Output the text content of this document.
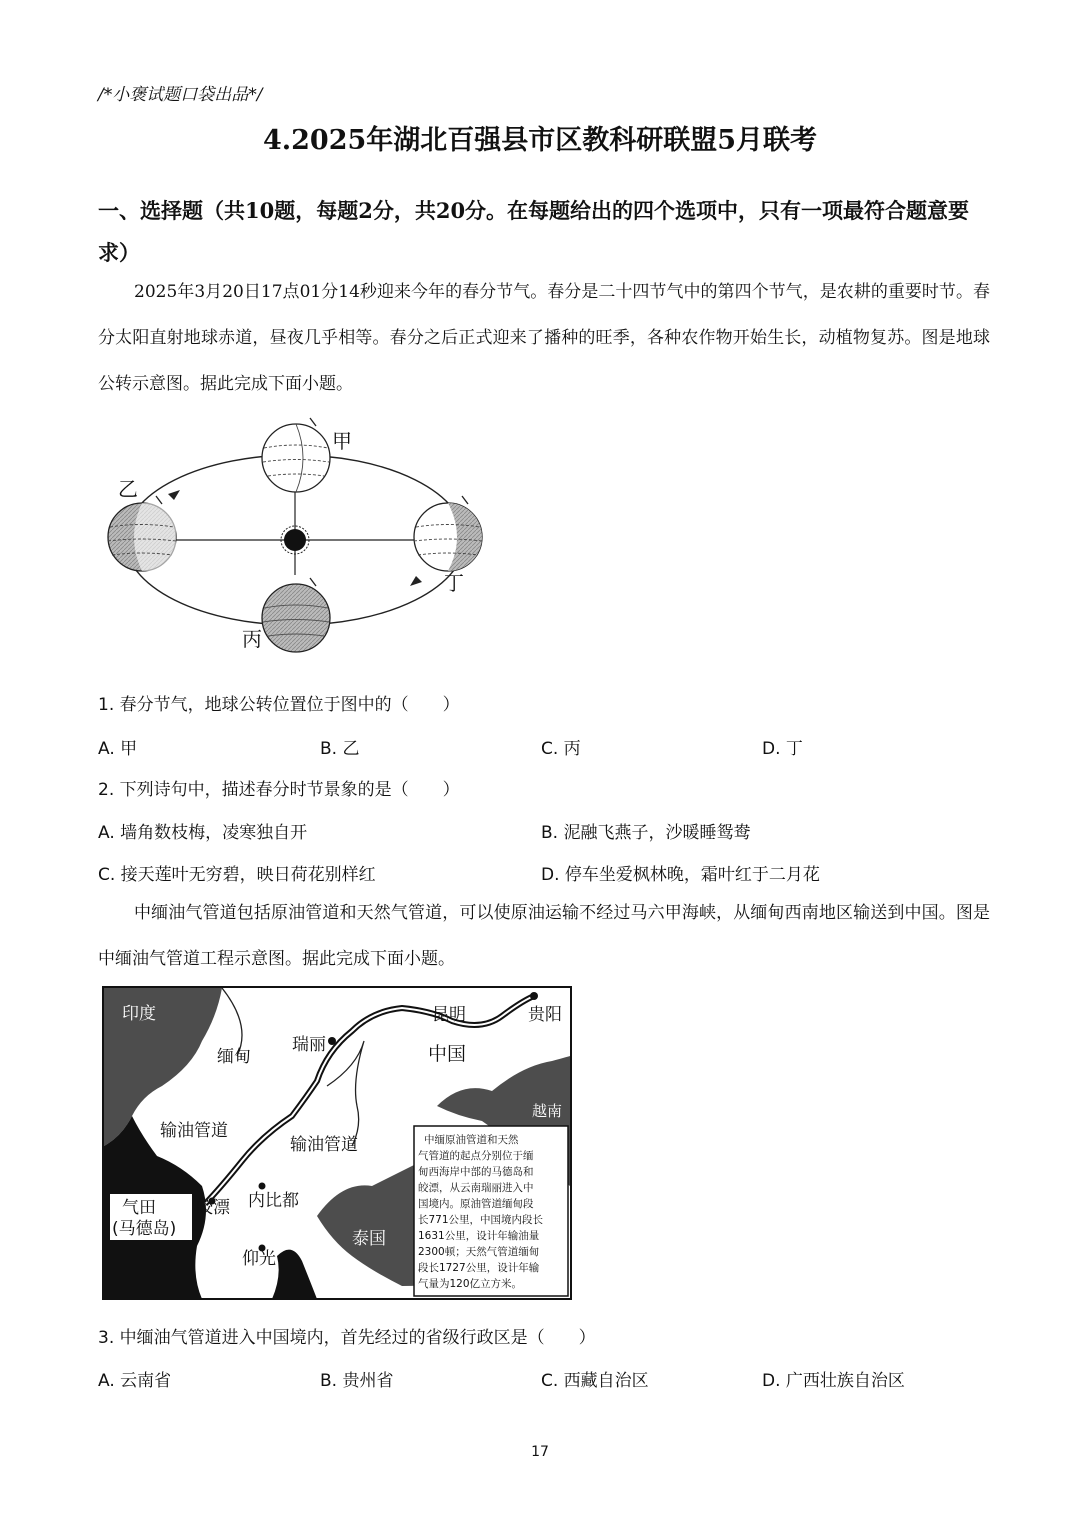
/*小褒试题口袋出品*/
4.2025年湖北百强县市区教科研联盟5月联考
一、选择题（共10题，每题2分，共20分。在每题给出的四个选项中，只有一项最符合题意要求）
2025年3月20日17点01分14秒迎来今年的春分节气。春分是二十四节气中的第四个节气，是农耕的重要时节。春分太阳直射地球赤道，昼夜几乎相等。春分之后正式迎来了播种的旺季，各种农作物开始生长，动植物复苏。图是地球公转示意图。据此完成下面小题。
甲
乙
丙
丁
1. 春分节气，地球公转位置位于图中的（　　）
A. 甲	B. 乙	C. 丙	D. 丁
2. 下列诗句中，描述春分时节景象的是（　　）
A. 墙角数枝梅，凌寒独自开	B. 泥融飞燕子，沙暖睡鸳鸯
C. 接天莲叶无穷碧，映日荷花别样红	D. 停车坐爱枫林晚，霜叶红于二月花
中缅油气管道包括原油管道和天然气管道，可以使原油运输不经过马六甲海峡，从缅甸西南地区输送到中国。图是中缅油气管道工程示意图。据此完成下面小题。
印度
缅甸
瑞丽
昆明	贵阳
中国
越南
输油管道
输油管道
气田
(马德岛)
皎漂 内比都
仰光
泰国
中缅原油管道和天然
气管道的起点分别位于缅
甸西海岸中部的马德岛和
皎漂，从云南瑞丽进入中
国境内。原油管道缅甸段
长771公里，中国境内段长
1631公里，设计年输油量
2300顿；天然气管道缅甸
段长1727公里，设计年输
气量为120亿立方米。
3. 中缅油气管道进入中国境内，首先经过的省级行政区是（　　）
A. 云南省	B. 贵州省	C. 西藏自治区	D. 广西壮族自治区
17
